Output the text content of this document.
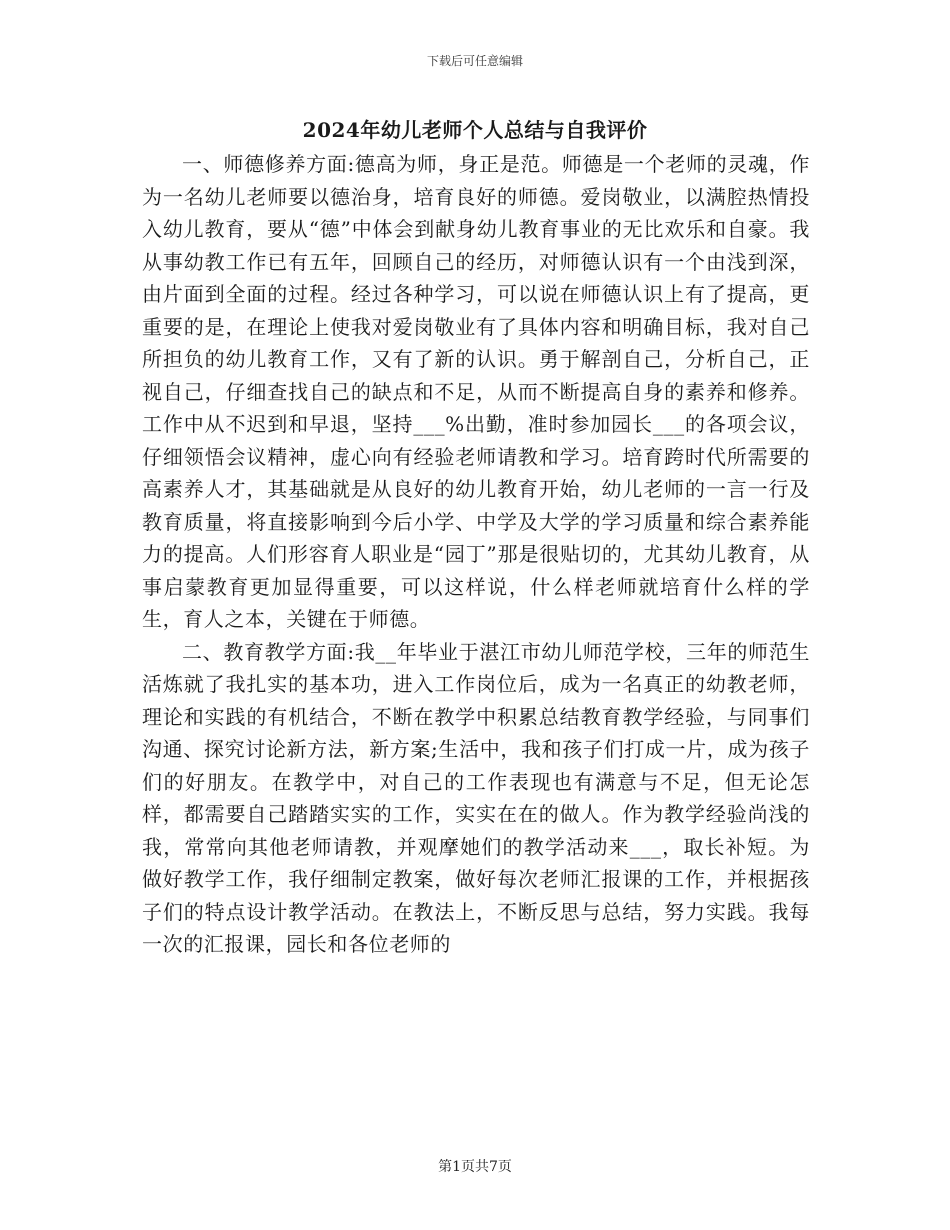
下载后可任意编辑
2024年幼儿老师个人总结与自我评价

一、师德修养方面:德高为师，身正是范。师德是一个老师的灵魂，作为一名幼儿老师要以德治身，培育良好的师德。爱岗敬业，以满腔热情投入幼儿教育，要从“德”中体会到献身幼儿教育事业的无比欢乐和自豪。我从事幼教工作已有五年，回顾自己的经历，对师德认识有一个由浅到深，由片面到全面的过程。经过各种学习，可以说在师德认识上有了提高，更重要的是，在理论上使我对爱岗敬业有了具体内容和明确目标，我对自己所担负的幼儿教育工作，又有了新的认识。勇于解剖自己，分析自己，正视自己，仔细查找自己的缺点和不足，从而不断提高自身的素养和修养。工作中从不迟到和早退，坚持___%出勤，准时参加园长___的各项会议，仔细领悟会议精神，虚心向有经验老师请教和学习。培育跨时代所需要的高素养人才，其基础就是从良好的幼儿教育开始，幼儿老师的一言一行及教育质量，将直接影响到今后小学、中学及大学的学习质量和综合素养能力的提高。人们形容育人职业是“园丁”那是很贴切的，尤其幼儿教育，从事启蒙教育更加显得重要，可以这样说，什么样老师就培育什么样的学生，育人之本，关键在于师德。

二、教育教学方面:我__年毕业于湛江市幼儿师范学校，三年的师范生活炼就了我扎实的基本功，进入工作岗位后，成为一名真正的幼教老师，理论和实践的有机结合，不断在教学中积累总结教育教学经验，与同事们沟通、探究讨论新方法，新方案;生活中，我和孩子们打成一片，成为孩子们的好朋友。在教学中，对自己的工作表现也有满意与不足，但无论怎样，都需要自己踏踏实实的工作，实实在在的做人。作为教学经验尚浅的我，常常向其他老师请教，并观摩她们的教学活动来___，取长补短。为做好教学工作，我仔细制定教案，做好每次老师汇报课的工作，并根据孩子们的特点设计教学活动。在教法上，不断反思与总结，努力实践。我每一次的汇报课，园长和各位老师的

第1页共7页
